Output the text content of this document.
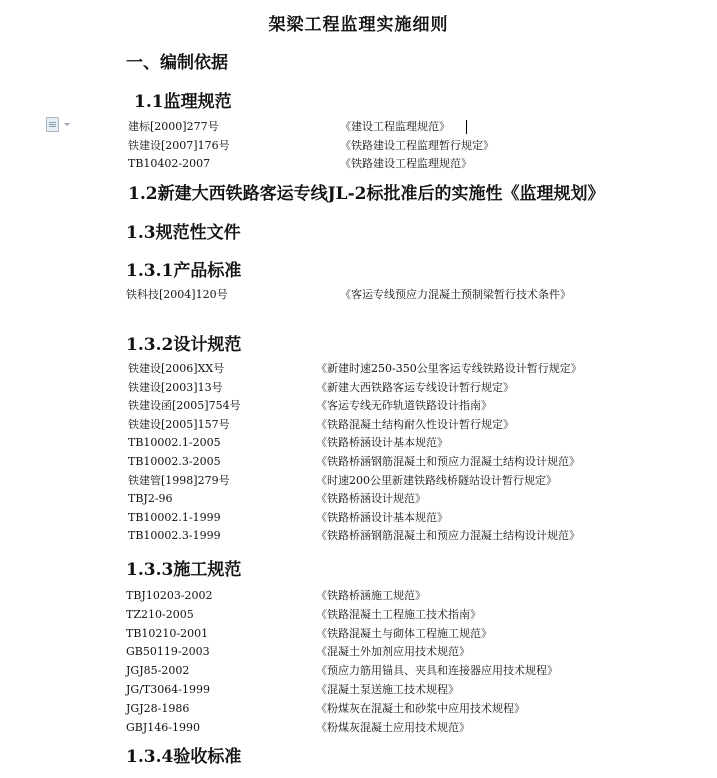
架梁工程监理实施细则
一、编制依据
1.1监理规范
建标[2000]277号	《建设工程监理规范》
铁建设[2007]176号	《铁路建设工程监理暂行规定》
TB10402-2007	《铁路建设工程监理规范》
1.2新建大西铁路客运专线JL-2标批准后的实施性《监理规划》
1.3规范性文件
1.3.1产品标准
铁科技[2004]120号	《客运专线预应力混凝土预制梁暂行技术条件》
1.3.2设计规范
铁建设[2006]XX号	《新建时速250-350公里客运专线铁路设计暂行规定》
铁建设[2003]13号	《新建大西铁路客运专线设计暂行规定》
铁建设函[2005]754号	《客运专线无砟轨道铁路设计指南》
铁建设[2005]157号	《铁路混凝土结构耐久性设计暂行规定》
TB10002.1-2005	《铁路桥涵设计基本规范》
TB10002.3-2005	《铁路桥涵钢筋混凝土和预应力混凝土结构设计规范》
铁建管[1998]279号	《时速200公里新建铁路线桥隧站设计暂行规定》
TBJ2-96	《铁路桥涵设计规范》
TB10002.1-1999	《铁路桥涵设计基本规范》
TB10002.3-1999	《铁路桥涵钢筋混凝土和预应力混凝土结构设计规范》
1.3.3施工规范
TBJ10203-2002	《铁路桥涵施工规范》
TZ210-2005	《铁路混凝土工程施工技术指南》
TB10210-2001	《铁路混凝土与砌体工程施工规范》
GB50119-2003	《混凝土外加剂应用技术规范》
JGJ85-2002	《预应力筋用锚具、夹具和连接器应用技术规程》
JG/T3064-1999	《混凝土泵送施工技术规程》
JGJ28-1986	《粉煤灰在混凝土和砂浆中应用技术规程》
GBJ146-1990	《粉煤灰混凝土应用技术规范》
1.3.4验收标准
